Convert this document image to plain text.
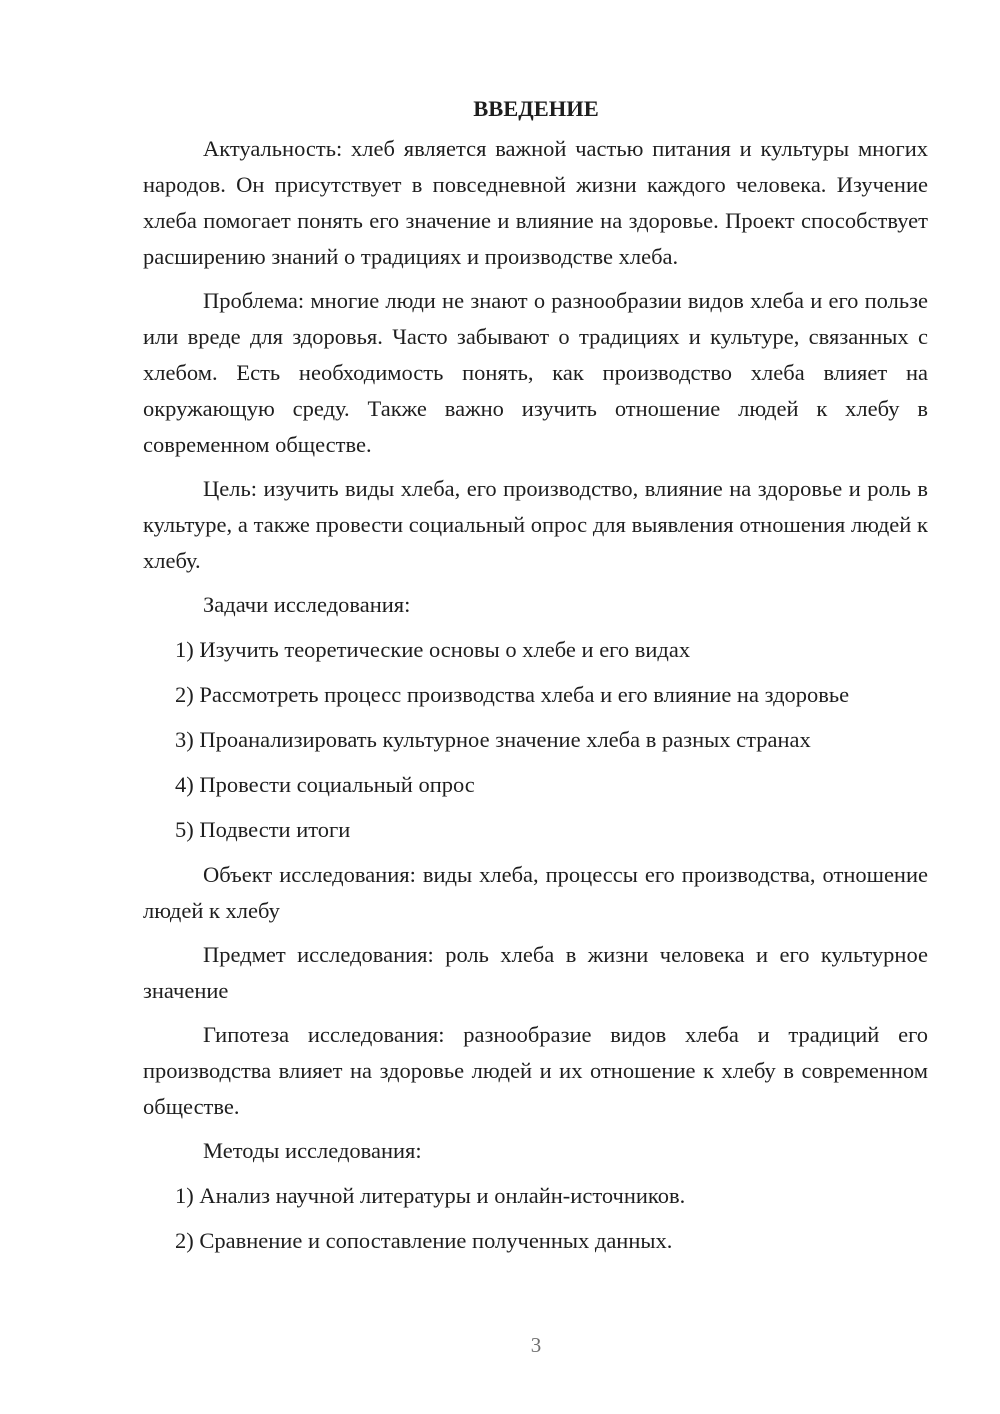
ВВЕДЕНИЕ

Актуальность: хлеб является важной частью питания и культуры многих народов. Он присутствует в повседневной жизни каждого человека. Изучение хлеба помогает понять его значение и влияние на здоровье. Проект способствует расширению знаний о традициях и производстве хлеба.

Проблема: многие люди не знают о разнообразии видов хлеба и его пользе или вреде для здоровья. Часто забывают о традициях и культуре, связанных с хлебом. Есть необходимость понять, как производство хлеба влияет на окружающую среду. Также важно изучить отношение людей к хлебу в современном обществе.

Цель: изучить виды хлеба, его производство, влияние на здоровье и роль в культуре, а также провести социальный опрос для выявления отношения людей к хлебу.

Задачи исследования:

1) Изучить теоретические основы о хлебе и его видах
2) Рассмотреть процесс производства хлеба и его влияние на здоровье
3) Проанализировать культурное значение хлеба в разных странах
4) Провести социальный опрос
5) Подвести итоги

Объект исследования: виды хлеба, процессы его производства, отношение людей к хлебу

Предмет исследования: роль хлеба в жизни человека и его культурное значение

Гипотеза исследования: разнообразие видов хлеба и традиций его производства влияет на здоровье людей и их отношение к хлебу в современном обществе.

Методы исследования:

1) Анализ научной литературы и онлайн-источников.
2) Сравнение и сопоставление полученных данных.
3
